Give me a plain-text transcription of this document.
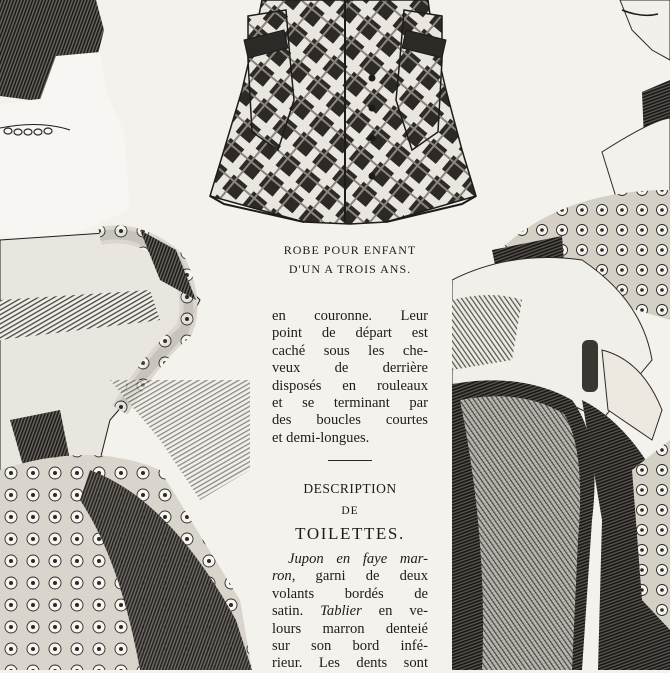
ROBE POUR ENFANT

D'UN A TROIS ANS.

en couronne. Leur
point de départ est
caché sous les che-
veux de derrière
disposés en rouleaux
et se terminant par
des boucles courtes
et demi-longues.

DESCRIPTION

DE

TOILETTES.

Jupon en faye mar-
ron, garni de deux
volants bordés de
satin. Tablier en ve-
lours marron denteié
sur son bord infé-
rieur. Les dents sont
